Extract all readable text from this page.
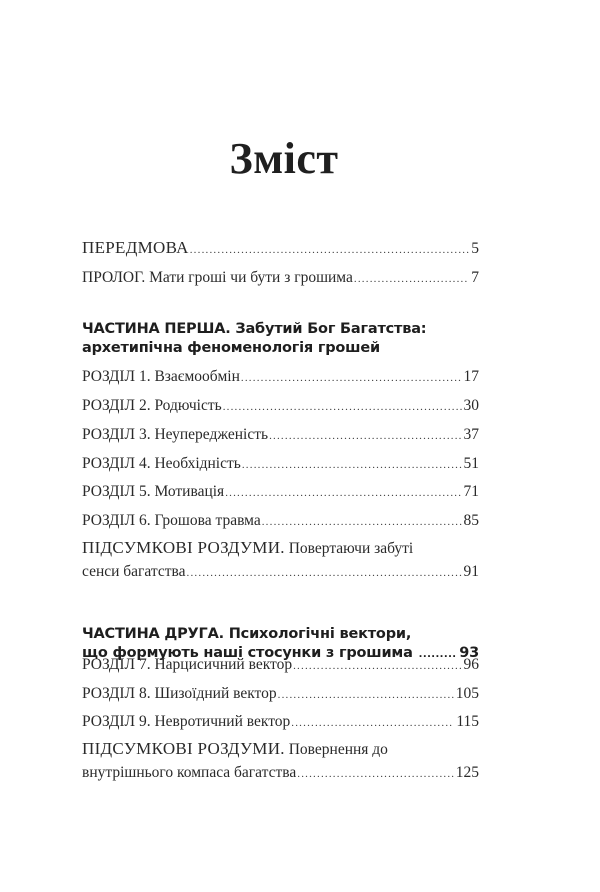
Зміст
ПЕРЕДМОВА .....	5
ПРОЛОГ. Мати гроші чи бути з грошима .....	7
ЧАСТИНА ПЕРША. Забутий Бог Багатства:
архетипічна феноменологія грошей
РОЗДІЛ 1. Взаємообмін .....	17
РОЗДІЛ 2. Родючість .....	30
РОЗДІЛ 3. Неупередженість .....	37
РОЗДІЛ 4. Необхідність .....	51
РОЗДІЛ 5. Мотивація .....	71
РОЗДІЛ 6. Грошова травма .....	85
ПІДСУМКОВІ РОЗДУМИ. Повертаючи забуті
сенси багатства .....	91
ЧАСТИНА ДРУГА. Психологічні вектори,
що формують наші стосунки з грошима .....	93
РОЗДІЛ 7. Нарцисичний вектор .....	96
РОЗДІЛ 8. Шизоїдний вектор .....	105
РОЗДІЛ 9. Невротичний вектор .....	115
ПІДСУМКОВІ РОЗДУМИ. Повернення до
внутрішнього компаса багатства .....	125
